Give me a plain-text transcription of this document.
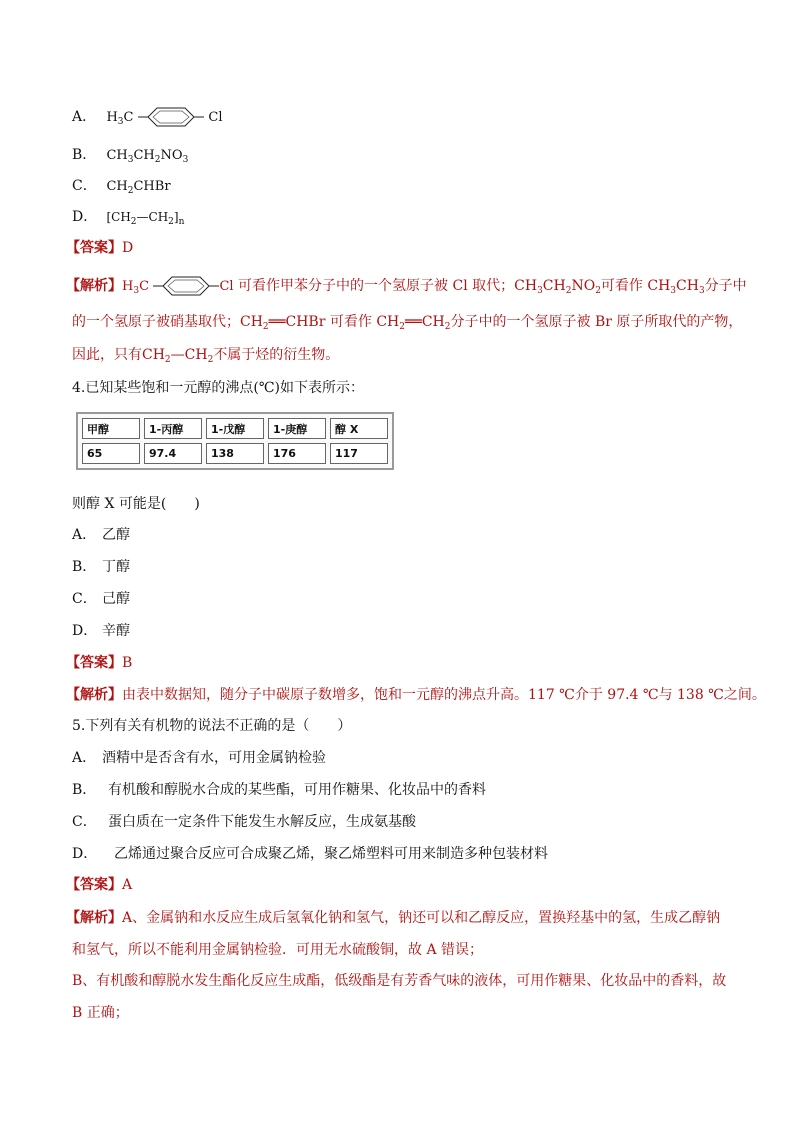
A． $H_3C$	Cl
B． $CH_3CH_2NO_3$
C． $CH_2CHBr$
D． $[CH_2—CH_2]_n$
【答案】D
【解析】$H_3C$	Cl 可看作甲苯分子中的一个氢原子被 Cl 取代；$CH_3CH_2NO_2$可看作 $CH_3CH_3$分子中
的一个氢原子被硝基取代；$CH_2══CHBr$ 可看作 $CH_2══CH_2$分子中的一个氢原子被 Br 原子所取代的产物，
因此，只有$CH_2—CH_2$不属于烃的衍生物。
4.已知某些饱和一元醇的沸点(℃)如下表所示：
甲醇	1-丙醇	1-戊醇	1-庚醇	醇 X
65	97.4	138	176	117
则醇 X 可能是(　　)
A． 乙醇
B． 丁醇
C． 己醇
D． 辛醇
【答案】B
【解析】由表中数据知，随分子中碳原子数增多，饱和一元醇的沸点升高。117 ℃介于 97.4 ℃与 138 ℃之间。
5.下列有关有机物的说法不正确的是（　　）
A． 酒精中是否含有水，可用金属钠检验
B． 有机酸和醇脱水合成的某些酯，可用作糖果、化妆品中的香料
C． 蛋白质在一定条件下能发生水解反应，生成氨基酸
D． 乙烯通过聚合反应可合成聚乙烯，聚乙烯塑料可用来制造多种包装材料
【答案】A
【解析】A、金属钠和水反应生成后氢氧化钠和氢气，钠还可以和乙醇反应，置换羟基中的氢，生成乙醇钠
和氢气，所以不能利用金属钠检验．可用无水硫酸铜，故 A 错误；
B、有机酸和醇脱水发生酯化反应生成酯，低级酯是有芳香气味的液体，可用作糖果、化妆品中的香料，故
B 正确；
